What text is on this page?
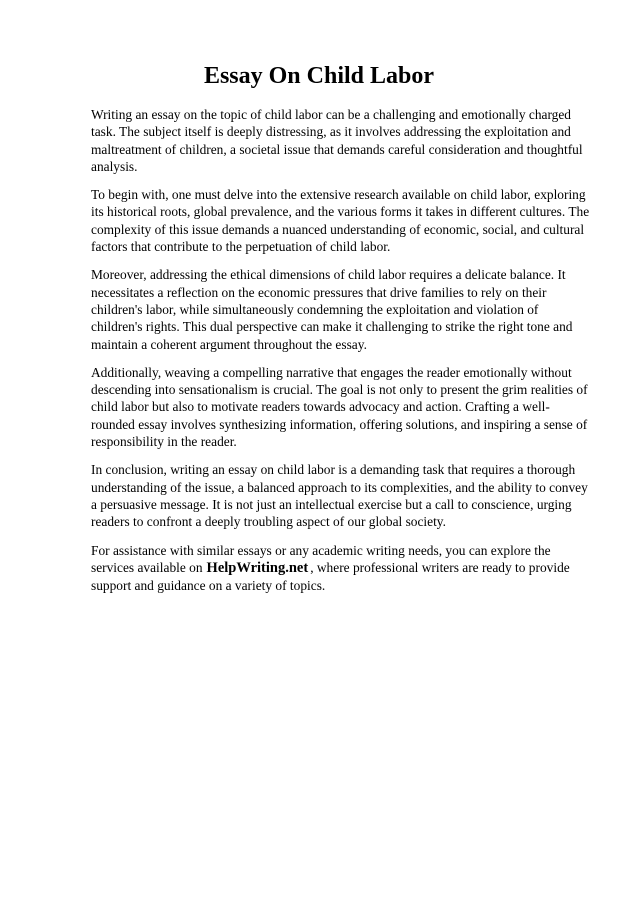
Essay On Child Labor

Writing an essay on the topic of child labor can be a challenging and emotionally charged task. The subject itself is deeply distressing, as it involves addressing the exploitation and maltreatment of children, a societal issue that demands careful consideration and thoughtful analysis.

To begin with, one must delve into the extensive research available on child labor, exploring its historical roots, global prevalence, and the various forms it takes in different cultures. The complexity of this issue demands a nuanced understanding of economic, social, and cultural factors that contribute to the perpetuation of child labor.

Moreover, addressing the ethical dimensions of child labor requires a delicate balance. It necessitates a reflection on the economic pressures that drive families to rely on their children's labor, while simultaneously condemning the exploitation and violation of children's rights. This dual perspective can make it challenging to strike the right tone and maintain a coherent argument throughout the essay.

Additionally, weaving a compelling narrative that engages the reader emotionally without descending into sensationalism is crucial. The goal is not only to present the grim realities of child labor but also to motivate readers towards advocacy and action. Crafting a well-rounded essay involves synthesizing information, offering solutions, and inspiring a sense of responsibility in the reader.

In conclusion, writing an essay on child labor is a demanding task that requires a thorough understanding of the issue, a balanced approach to its complexities, and the ability to convey a persuasive message. It is not just an intellectual exercise but a call to conscience, urging readers to confront a deeply troubling aspect of our global society.

For assistance with similar essays or any academic writing needs, you can explore the services available on HelpWriting.net , where professional writers are ready to provide support and guidance on a variety of topics.
